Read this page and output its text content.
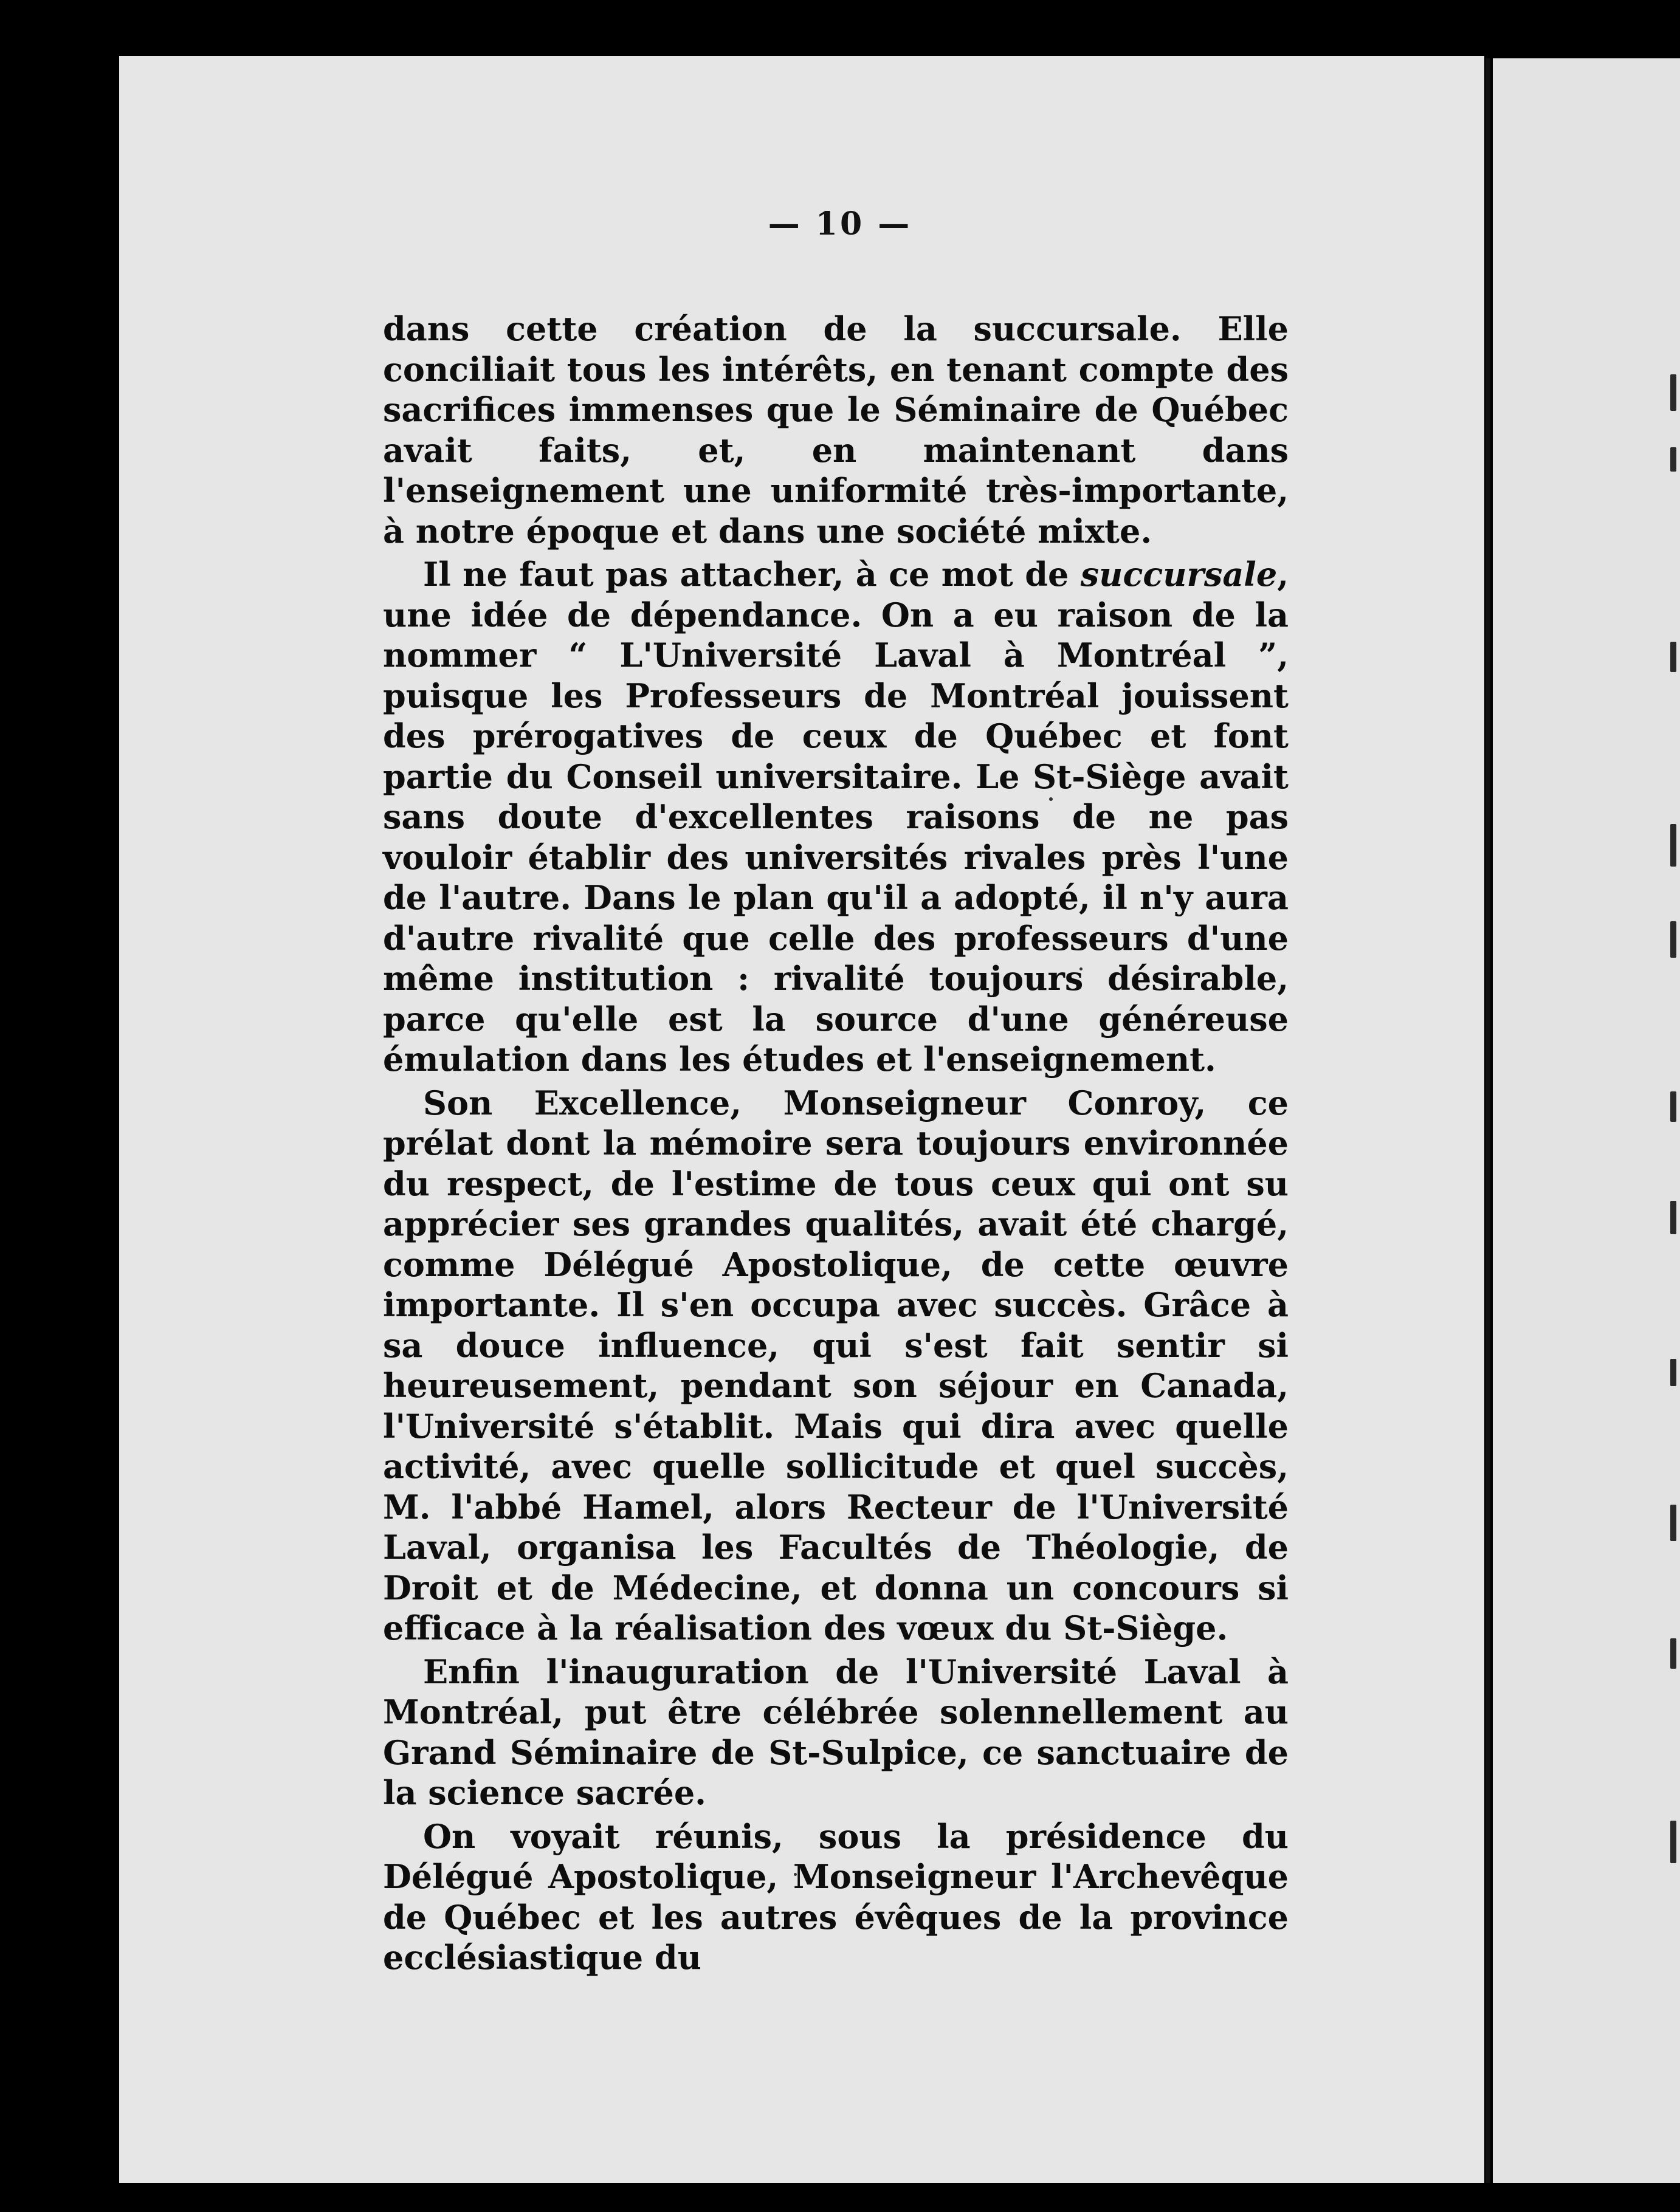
— 10 —

dans cette création de la succursale. Elle conciliait tous les intérêts, en tenant compte des sacrifices immenses que le Séminaire de Québec avait faits, et, en maintenant dans l'enseignement une uniformité très-importante, à notre époque et dans une société mixte.

Il ne faut pas attacher, à ce mot de succursale, une idée de dépendance. On a eu raison de la nommer “ L'Université Laval à Montréal ”, puisque les Professeurs de Montréal jouissent des prérogatives de ceux de Québec et font partie du Conseil universitaire. Le St-Siège avait sans doute d'excellentes raisons de ne pas vouloir établir des universités rivales près l'une de l'autre. Dans le plan qu'il a adopté, il n'y aura d'autre rivalité que celle des professeurs d'une même institution : rivalité toujours désirable, parce qu'elle est la source d'une généreuse émulation dans les études et l'enseignement.

Son Excellence, Monseigneur Conroy, ce prélat dont la mémoire sera toujours environnée du respect, de l'estime de tous ceux qui ont su apprécier ses grandes qualités, avait été chargé, comme Délégué Apostolique, de cette œuvre importante. Il s'en occupa avec succès. Grâce à sa douce influence, qui s'est fait sentir si heureusement, pendant son séjour en Canada, l'Université s'établit. Mais qui dira avec quelle activité, avec quelle sollicitude et quel succès, M. l'abbé Hamel, alors Recteur de l'Université Laval, organisa les Facultés de Théologie, de Droit et de Médecine, et donna un concours si efficace à la réalisation des vœux du St-Siège.

Enfin l'inauguration de l'Université Laval à Montréal, put être célébrée solennellement au Grand Séminaire de St-Sulpice, ce sanctuaire de la science sacrée.

On voyait réunis, sous la présidence du Délégué Apostolique, Monseigneur l'Archevêque de Québec et les autres évêques de la province ecclésiastique du
